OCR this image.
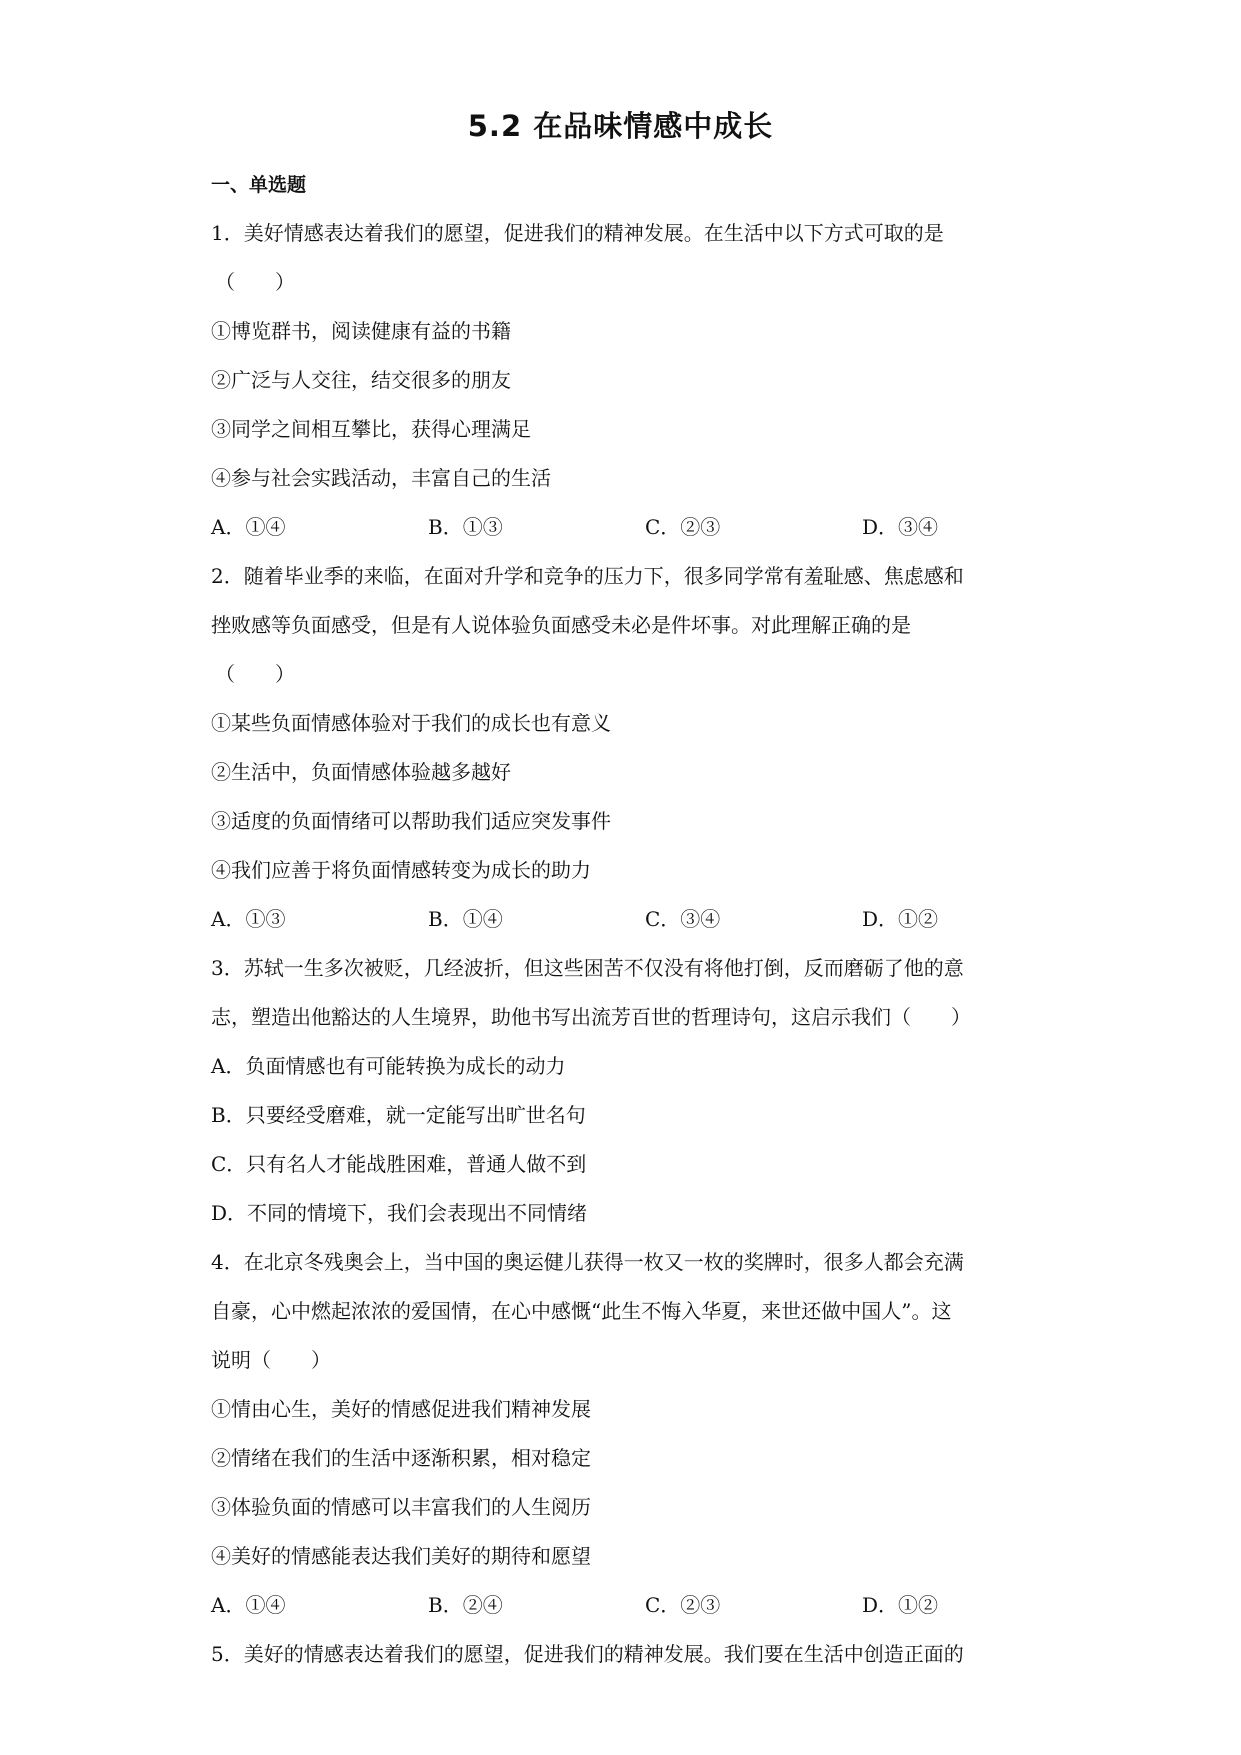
5.2 在品味情感中成长
一、单选题
1．美好情感表达着我们的愿望，促进我们的精神发展。在生活中以下方式可取的是
（　　）
①博览群书，阅读健康有益的书籍
②广泛与人交往，结交很多的朋友
③同学之间相互攀比，获得心理满足
④参与社会实践活动，丰富自己的生活
A．①④	B．①③	C．②③	D．③④
2．随着毕业季的来临，在面对升学和竞争的压力下，很多同学常有羞耻感、焦虑感和
挫败感等负面感受，但是有人说体验负面感受未必是件坏事。对此理解正确的是
（　　）
①某些负面情感体验对于我们的成长也有意义
②生活中，负面情感体验越多越好
③适度的负面情绪可以帮助我们适应突发事件
④我们应善于将负面情感转变为成长的助力
A．①③	B．①④	C．③④	D．①②
3．苏轼一生多次被贬，几经波折，但这些困苦不仅没有将他打倒，反而磨砺了他的意
志，塑造出他豁达的人生境界，助他书写出流芳百世的哲理诗句，这启示我们（　　）
A．负面情感也有可能转换为成长的动力
B．只要经受磨难，就一定能写出旷世名句
C．只有名人才能战胜困难，普通人做不到
D．不同的情境下，我们会表现出不同情绪
4．在北京冬残奥会上，当中国的奥运健儿获得一枚又一枚的奖牌时，很多人都会充满
自豪，心中燃起浓浓的爱国情，在心中感慨“此生不悔入华夏，来世还做中国人”。这
说明（　　）
①情由心生，美好的情感促进我们精神发展
②情绪在我们的生活中逐渐积累，相对稳定
③体验负面的情感可以丰富我们的人生阅历
④美好的情感能表达我们美好的期待和愿望
A．①④	B．②④	C．②③	D．①②
5．美好的情感表达着我们的愿望，促进我们的精神发展。我们要在生活中创造正面的
